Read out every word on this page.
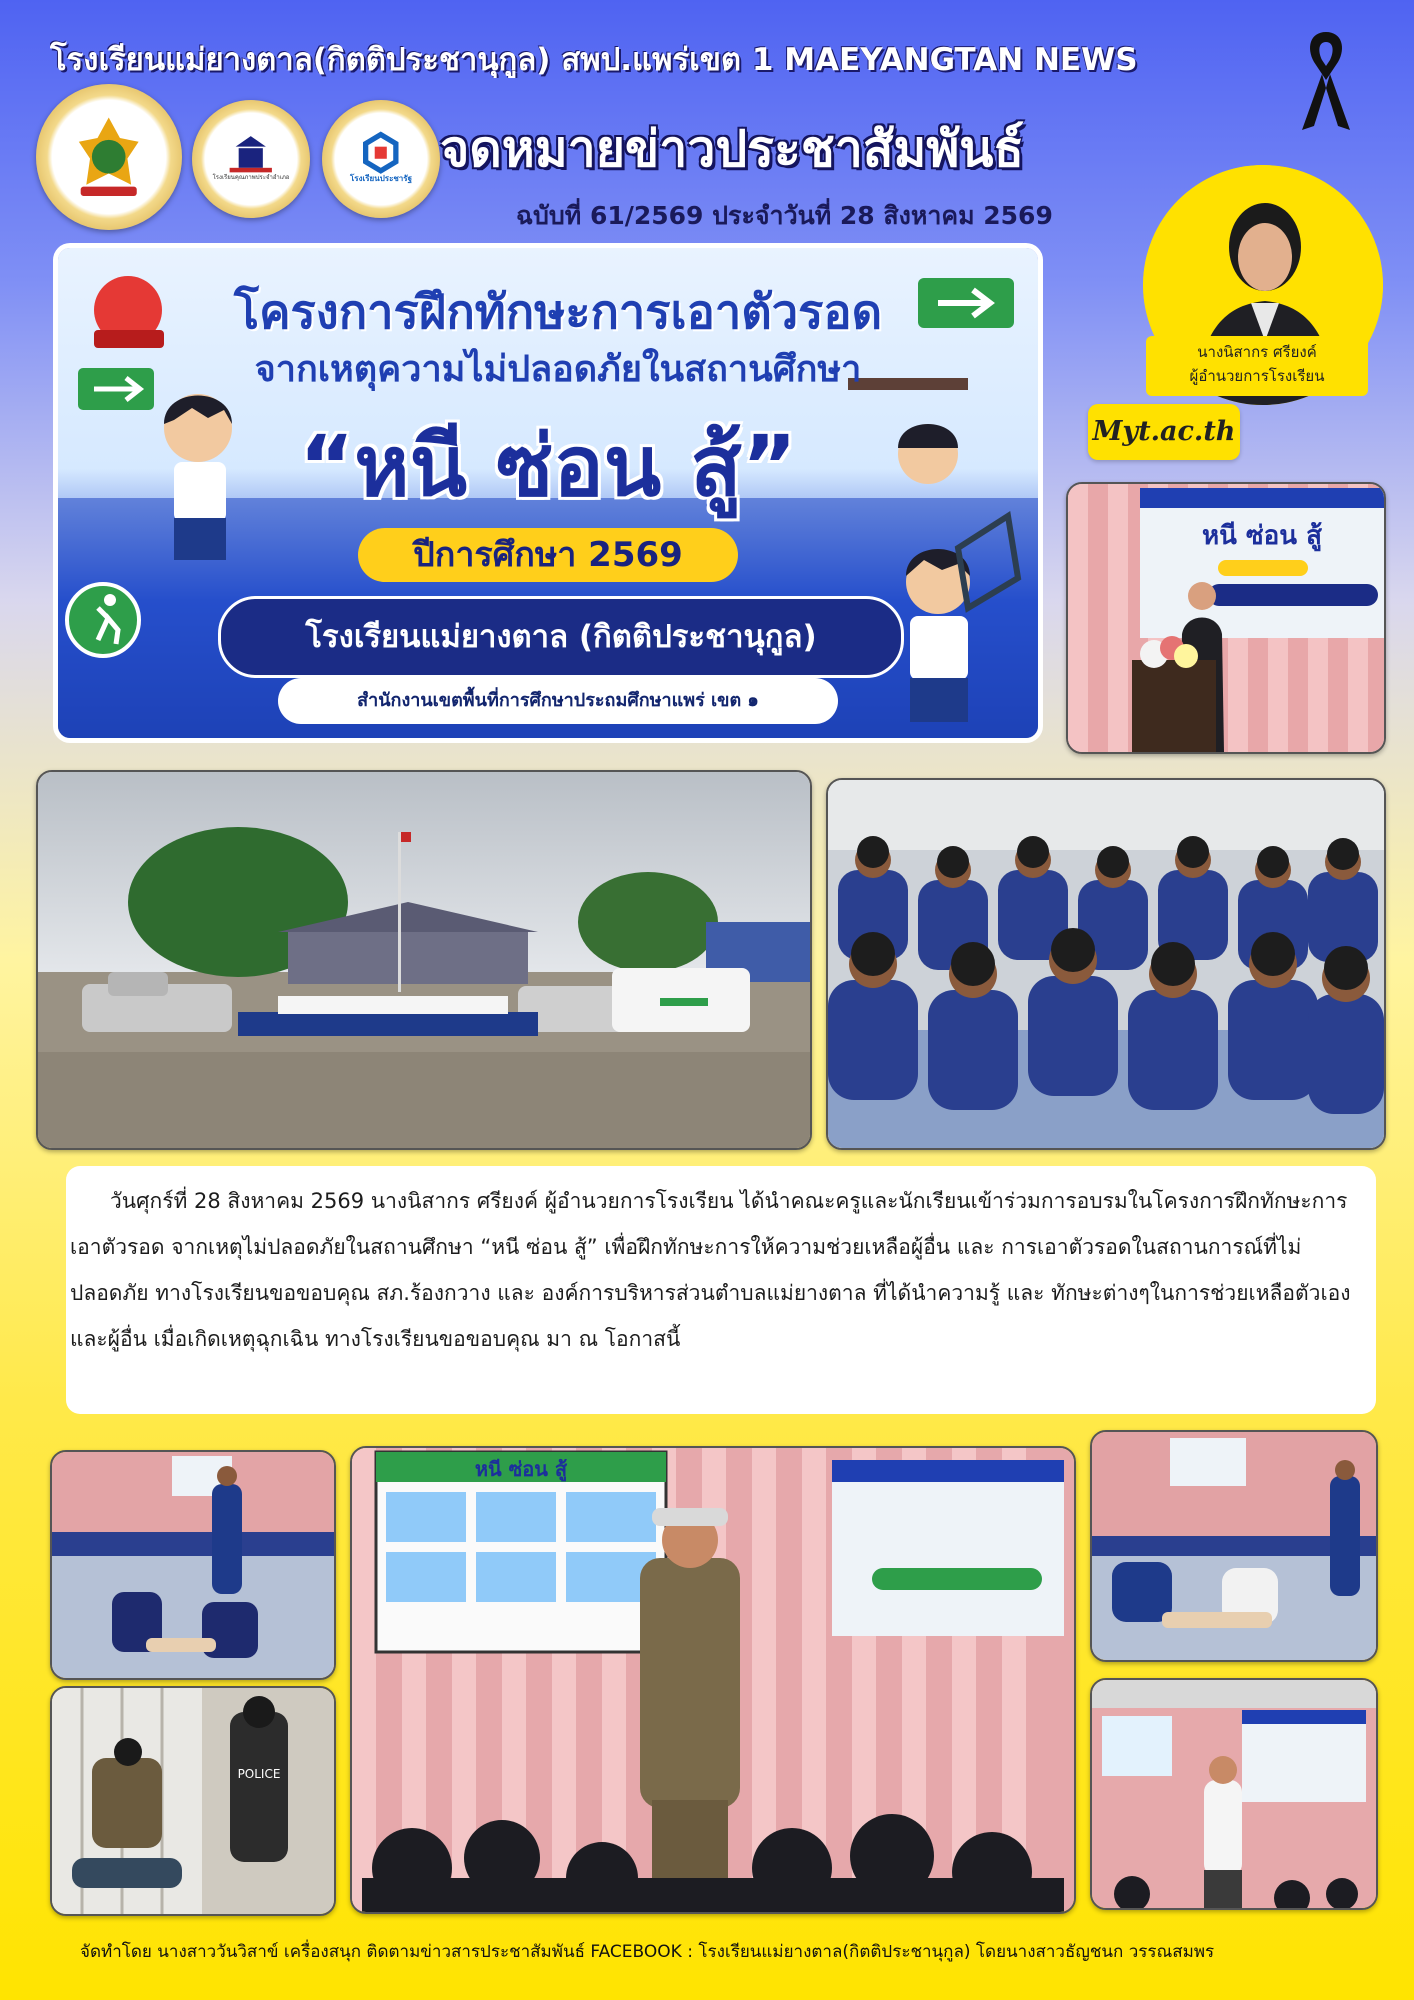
โรงเรียนแม่ยางตาล(กิตติประชานุกูล) สพป.แพร่เขต 1 MAEYANGTAN NEWS
โรงเรียนคุณภาพประจำอำเภอ	โรงเรียนประชารัฐ
จดหมายข่าวประชาสัมพันธ์
ฉบับที่ 61/2569 ประจำวันที่ 28 สิงหาคม 2569
นางนิสากร ศรียงค์
ผู้อำนวยการโรงเรียน
Myt.ac.th
โครงการฝึกทักษะการเอาตัวรอด
จากเหตุความไม่ปลอดภัยในสถานศึกษา
“หนี ซ่อน สู้”
ปีการศึกษา 2569
โรงเรียนแม่ยางตาล (กิตติประชานุกูล)
สำนักงานเขตพื้นที่การศึกษาประถมศึกษาแพร่ เขต ๑
หนี ซ่อน สู้
วันศุกร์ที่ 28 สิงหาคม 2569 นางนิสากร ศรียงค์ ผู้อำนวยการโรงเรียน ได้นำคณะครูและนักเรียนเข้าร่วมการอบรมในโครงการฝึกทักษะการเอาตัวรอด จากเหตุไม่ปลอดภัยในสถานศึกษา “หนี ซ่อน สู้” เพื่อฝึกทักษะการให้ความช่วยเหลือผู้อื่น และ การเอาตัวรอดในสถานการณ์ที่ไม่ปลอดภัย ทางโรงเรียนขอขอบคุณ สภ.ร้องกวาง และ องค์การบริหารส่วนตำบลแม่ยางตาล ที่ได้นำความรู้ และ ทักษะต่างๆในการช่วยเหลือตัวเองและผู้อื่น เมื่อเกิดเหตุฉุกเฉิน ทางโรงเรียนขอขอบคุณ มา ณ โอกาสนี้
POLICE
หนี ซ่อน สู้
จัดทำโดย นางสาววันวิสาข์ เครื่องสนุก ติดตามข่าวสารประชาสัมพันธ์ FACEBOOK : โรงเรียนแม่ยางตาล(กิตติประชานุกูล) โดยนางสาวธัญชนก วรรณสมพร
